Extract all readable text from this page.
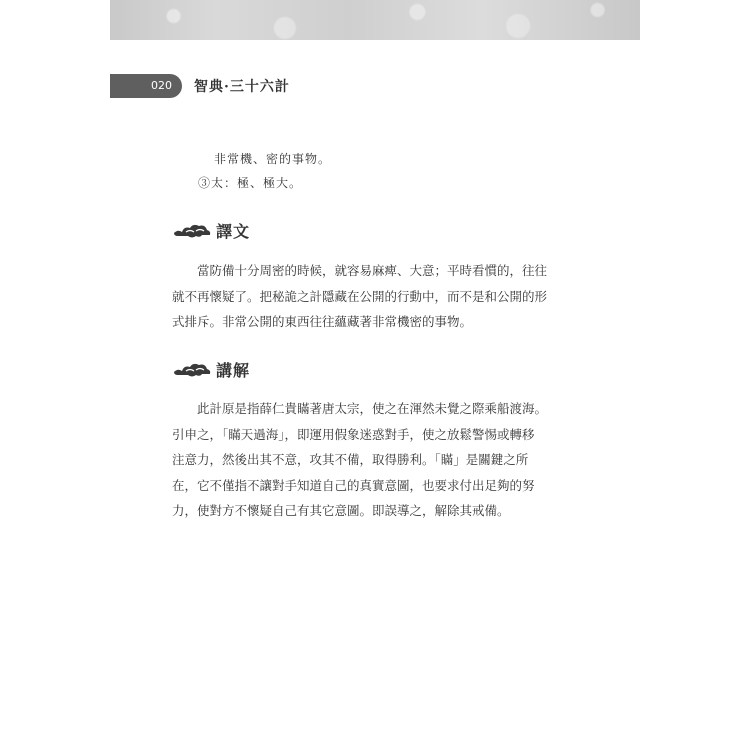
020	智典·三十六計
非常機、密的事物。
③太：極、極大。
譯文

　　當防備十分周密的時候，就容易麻痺、大意；平時看慣的，往往

就不再懷疑了。把秘詭之計隱藏在公開的行動中，而不是和公開的形

式排斥。非常公開的東西往往蘊藏著非常機密的事物。

講解

　　此計原是指薛仁貴瞞著唐太宗，使之在渾然未覺之際乘船渡海。

引申之，「瞞天過海」，即運用假象迷惑對手，使之放鬆警惕或轉移

注意力，然後出其不意，攻其不備，取得勝利。「瞞」是關鍵之所

在，它不僅指不讓對手知道自己的真實意圖，也要求付出足夠的努

力，使對方不懷疑自己有其它意圖。即誤導之，解除其戒備。
